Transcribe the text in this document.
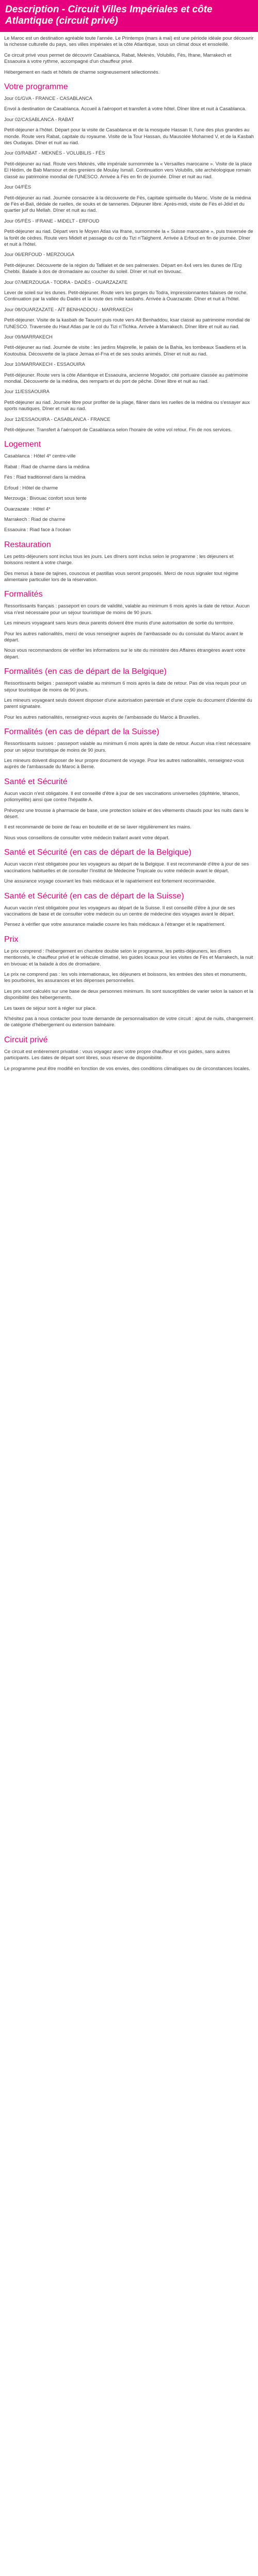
Description - Circuit Villes Impériales et côte Atlantique (circuit privé)

Le Maroc est un destination agréable toute l'année. Le Printemps (mars à mai) est une période idéale pour découvrir la richesse culturelle du pays, ses villes impériales et la côte Atlantique, sous un climat doux et ensoleillé.

Ce circuit privé vous permet de découvrir Casablanca, Rabat, Meknès, Volubilis, Fès, Ifrane, Marrakech et Essaouira à votre rythme, accompagné d'un chauffeur privé.

Hébergement en riads et hôtels de charme soigneusement sélectionnés.

Votre programme

Jour 01/GVA - FRANCE - CASABLANCA

Envol à destination de Casablanca. Accueil à l'aéroport et transfert à votre hôtel. Dîner libre et nuit à Casablanca.

Jour 02/CASABLANCA - RABAT

Petit-déjeuner à l'hôtel. Départ pour la visite de Casablanca et de la mosquée Hassan II, l'une des plus grandes au monde. Route vers Rabat, capitale du royaume. Visite de la Tour Hassan, du Mausolée Mohamed V, et de la Kasbah des Oudayas. Dîner et nuit au riad.

Jour 03/RABAT - MEKNÈS - VOLUBILIS - FÈS

Petit-déjeuner au riad. Route vers Meknès, ville impériale surnommée la « Versailles marocaine ». Visite de la place El Hédim, de Bab Mansour et des greniers de Moulay Ismaïl. Continuation vers Volubilis, site archéologique romain classé au patrimoine mondial de l'UNESCO. Arrivée à Fès en fin de journée. Dîner et nuit au riad.

Jour 04/FÈS

Petit-déjeuner au riad. Journée consacrée à la découverte de Fès, capitale spirituelle du Maroc. Visite de la médina de Fès el-Bali, dédale de ruelles, de souks et de tanneries. Déjeuner libre. Après-midi, visite de Fès el-Jdid et du quartier juif du Mellah. Dîner et nuit au riad.

Jour 05/FÈS - IFRANE - MIDELT - ERFOUD

Petit-déjeuner au riad. Départ vers le Moyen Atlas via Ifrane, surnommée la « Suisse marocaine », puis traversée de la forêt de cèdres. Route vers Midelt et passage du col du Tizi n'Talghemt. Arrivée à Erfoud en fin de journée. Dîner et nuit à l'hôtel.

Jour 06/ERFOUD - MERZOUGA

Petit-déjeuner. Découverte de la région du Tafilalet et de ses palmeraies. Départ en 4x4 vers les dunes de l'Erg Chebbi. Balade à dos de dromadaire au coucher du soleil. Dîner et nuit en bivouac.

Jour 07/MERZOUGA - TODRA - DADÈS - OUARZAZATE

Lever de soleil sur les dunes. Petit-déjeuner. Route vers les gorges du Todra, impressionnantes falaises de roche. Continuation par la vallée du Dadès et la route des mille kasbahs. Arrivée à Ouarzazate. Dîner et nuit à l'hôtel.

Jour 08/OUARZAZATE - AÏT BENHADDOU - MARRAKECH

Petit-déjeuner. Visite de la kasbah de Taourirt puis route vers Aït Benhaddou, ksar classé au patrimoine mondial de l'UNESCO. Traversée du Haut Atlas par le col du Tizi n'Tichka. Arrivée à Marrakech. Dîner libre et nuit au riad.

Jour 09/MARRAKECH

Petit-déjeuner au riad. Journée de visite : les jardins Majorelle, le palais de la Bahia, les tombeaux Saadiens et la Koutoubia. Découverte de la place Jemaa el-Fna et de ses souks animés. Dîner et nuit au riad.

Jour 10/MARRAKECH - ESSAOUIRA

Petit-déjeuner. Route vers la côte Atlantique et Essaouira, ancienne Mogador, cité portuaire classée au patrimoine mondial. Découverte de la médina, des remparts et du port de pêche. Dîner libre et nuit au riad.

Jour 11/ESSAOUIRA

Petit-déjeuner au riad. Journée libre pour profiter de la plage, flâner dans les ruelles de la médina ou s'essayer aux sports nautiques. Dîner et nuit au riad.

Jour 12/ESSAOUIRA - CASABLANCA - FRANCE

Petit-déjeuner. Transfert à l'aéroport de Casablanca selon l'horaire de votre vol retour. Fin de nos services.

Logement

Casablanca : Hôtel 4* centre-ville

Rabat : Riad de charme dans la médina

Fès : Riad traditionnel dans la médina

Erfoud : Hôtel de charme

Merzouga : Bivouac confort sous tente

Ouarzazate : Hôtel 4*

Marrakech : Riad de charme

Essaouira : Riad face à l'océan

Restauration

Les petits-déjeuners sont inclus tous les jours. Les dîners sont inclus selon le programme ; les déjeuners et boissons restent à votre charge.

Des menus à base de tajines, couscous et pastillas vous seront proposés. Merci de nous signaler tout régime alimentaire particulier lors de la réservation.

Formalités

Ressortissants français : passeport en cours de validité, valable au minimum 6 mois après la date de retour. Aucun visa n'est nécessaire pour un séjour touristique de moins de 90 jours.

Les mineurs voyageant sans leurs deux parents doivent être munis d'une autorisation de sortie du territoire.

Pour les autres nationalités, merci de vous renseigner auprès de l'ambassade ou du consulat du Maroc avant le départ.

Nous vous recommandons de vérifier les informations sur le site du ministère des Affaires étrangères avant votre départ.

Formalités (en cas de départ de la Belgique)

Ressortissants belges : passeport valable au minimum 6 mois après la date de retour. Pas de visa requis pour un séjour touristique de moins de 90 jours.

Les mineurs voyageant seuls doivent disposer d'une autorisation parentale et d'une copie du document d'identité du parent signataire.

Pour les autres nationalités, renseignez-vous auprès de l'ambassade du Maroc à Bruxelles.

Formalités (en cas de départ de la Suisse)

Ressortissants suisses : passeport valable au minimum 6 mois après la date de retour. Aucun visa n'est nécessaire pour un séjour touristique de moins de 90 jours.

Les mineurs doivent disposer de leur propre document de voyage. Pour les autres nationalités, renseignez-vous auprès de l'ambassade du Maroc à Berne.

Santé et Sécurité

Aucun vaccin n'est obligatoire. Il est conseillé d'être à jour de ses vaccinations universelles (diphtérie, tétanos, poliomyélite) ainsi que contre l'hépatite A.

Prévoyez une trousse à pharmacie de base, une protection solaire et des vêtements chauds pour les nuits dans le désert.

Il est recommandé de boire de l'eau en bouteille et de se laver régulièrement les mains.

Nous vous conseillons de consulter votre médecin traitant avant votre départ.

Santé et Sécurité (en cas de départ de la Belgique)

Aucun vaccin n'est obligatoire pour les voyageurs au départ de la Belgique. Il est recommandé d'être à jour de ses vaccinations habituelles et de consulter l'Institut de Médecine Tropicale ou votre médecin avant le départ.

Une assurance voyage couvrant les frais médicaux et le rapatriement est fortement recommandée.

Santé et Sécurité (en cas de départ de la Suisse)

Aucun vaccin n'est obligatoire pour les voyageurs au départ de la Suisse. Il est conseillé d'être à jour de ses vaccinations de base et de consulter votre médecin ou un centre de médecine des voyages avant le départ.

Pensez à vérifier que votre assurance maladie couvre les frais médicaux à l'étranger et le rapatriement.

Prix

Le prix comprend : l'hébergement en chambre double selon le programme, les petits-déjeuners, les dîners mentionnés, le chauffeur privé et le véhicule climatisé, les guides locaux pour les visites de Fès et Marrakech, la nuit en bivouac et la balade à dos de dromadaire.

Le prix ne comprend pas : les vols internationaux, les déjeuners et boissons, les entrées des sites et monuments, les pourboires, les assurances et les dépenses personnelles.

Les prix sont calculés sur une base de deux personnes minimum. Ils sont susceptibles de varier selon la saison et la disponibilité des hébergements.

Les taxes de séjour sont à régler sur place.

N'hésitez pas à nous contacter pour toute demande de personnalisation de votre circuit : ajout de nuits, changement de catégorie d'hébergement ou extension balnéaire.

Circuit privé

Ce circuit est entièrement privatisé : vous voyagez avec votre propre chauffeur et vos guides, sans autres participants. Les dates de départ sont libres, sous réserve de disponibilité.

Le programme peut être modifié en fonction de vos envies, des conditions climatiques ou de circonstances locales.
